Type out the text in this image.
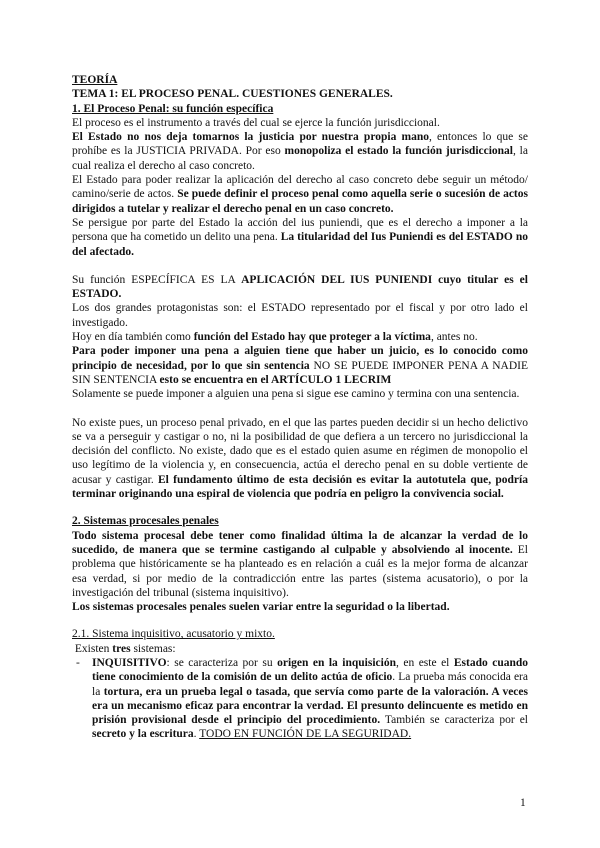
TEORÍA

TEMA 1: EL PROCESO PENAL. CUESTIONES GENERALES.

1. El Proceso Penal: su función específica

El proceso es el instrumento a través del cual se ejerce la función jurisdiccional.

El Estado no nos deja tomarnos la justicia por nuestra propia mano, entonces lo que se prohíbe es la JUSTICIA PRIVADA. Por eso monopoliza el estado la función jurisdiccional, la cual realiza el derecho al caso concreto.

El Estado para poder realizar la aplicación del derecho al caso concreto debe seguir un método/ camino/serie de actos. Se puede definir el proceso penal como aquella serie o sucesión de actos dirigidos a tutelar y realizar el derecho penal en un caso concreto.

Se persigue por parte del Estado la acción del ius puniendi, que es el derecho a imponer a la persona que ha cometido un delito una pena. La titularidad del Ius Puniendi es del ESTADO no del afectado.

Su función ESPECÍFICA ES LA APLICACIÓN DEL IUS PUNIENDI cuyo titular es el ESTADO.

Los dos grandes protagonistas son: el ESTADO representado por el fiscal y por otro lado el investigado.

Hoy en día también como función del Estado hay que proteger a la víctima, antes no.

Para poder imponer una pena a alguien tiene que haber un juicio, es lo conocido como principio de necesidad, por lo que sin sentencia NO SE PUEDE IMPONER PENA A NADIE SIN SENTENCIA esto se encuentra en el ARTÍCULO 1 LECRIM

Solamente se puede imponer a alguien una pena si sigue ese camino y termina con una sentencia.

No existe pues, un proceso penal privado, en el que las partes pueden decidir si un hecho delictivo se va a perseguir y castigar o no, ni la posibilidad de que defiera a un tercero no jurisdiccional la decisión del conflicto. No existe, dado que es el estado quien asume en régimen de monopolio el uso legítimo de la violencia y, en consecuencia, actúa el derecho penal en su doble vertiente de acusar y castigar. El fundamento último de esta decisión es evitar la autotutela que, podría terminar originando una espiral de violencia que podría en peligro la convivencia social.

2. Sistemas procesales penales

Todo sistema procesal debe tener como finalidad última la de alcanzar la verdad de lo sucedido, de manera que se termine castigando al culpable y absolviendo al inocente. El problema que históricamente se ha planteado es en relación a cuál es la mejor forma de alcanzar esa verdad, si por medio de la contradicción entre las partes (sistema acusatorio), o por la investigación del tribunal (sistema inquisitivo).

Los sistemas procesales penales suelen variar entre la seguridad o la libertad.

2.1. Sistema inquisitivo, acusatorio y mixto.

Existen tres sistemas:

- INQUISITIVO: se caracteriza por su origen en la inquisición, en este el Estado cuando tiene conocimiento de la comisión de un delito actúa de oficio. La prueba más conocida era la tortura, era un prueba legal o tasada, que servía como parte de la valoración. A veces era un mecanismo eficaz para encontrar la verdad. El presunto delincuente es metido en prisión provisional desde el principio del procedimiento. También se caracteriza por el secreto y la escritura. TODO EN FUNCIÓN DE LA SEGURIDAD.
1
